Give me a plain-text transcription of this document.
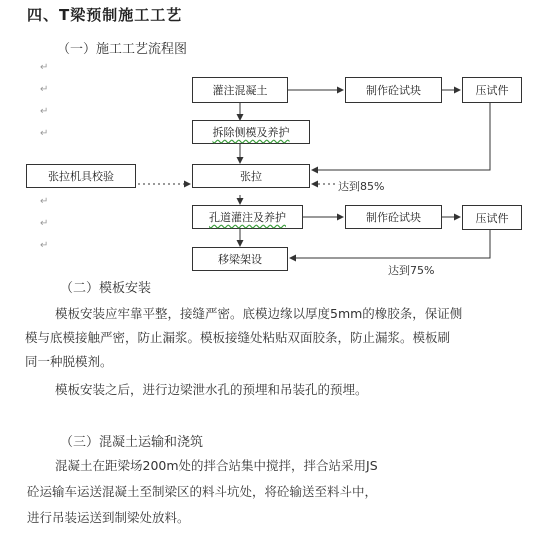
四、T梁预制施工工艺
（一）施工工艺流程图
↵
↵
↵
↵
↵
↵
↵
灌注混凝土	制作砼试块	压试件
拆除侧模及养护
张拉机具校验	张拉
达到85%
孔道灌注及养护	制作砼试块	压试件
移梁架设
达到75%
（二）模板安装
模板安装应牢靠平整，接缝严密。底模边缘以厚度5mm的橡胶条，保证侧
模与底模接触严密，防止漏浆。模板接缝处粘贴双面胶条，防止漏浆。模板刷
同一种脱模剂。
模板安装之后，进行边梁泄水孔的预埋和吊装孔的预埋。
（三）混凝土运输和浇筑
混凝土在距梁场200m处的拌合站集中搅拌，拌合站采用JS
砼运输车运送混凝土至制梁区的料斗坑处，将砼输送至料斗中，
进行吊装运送到制梁处放料。
